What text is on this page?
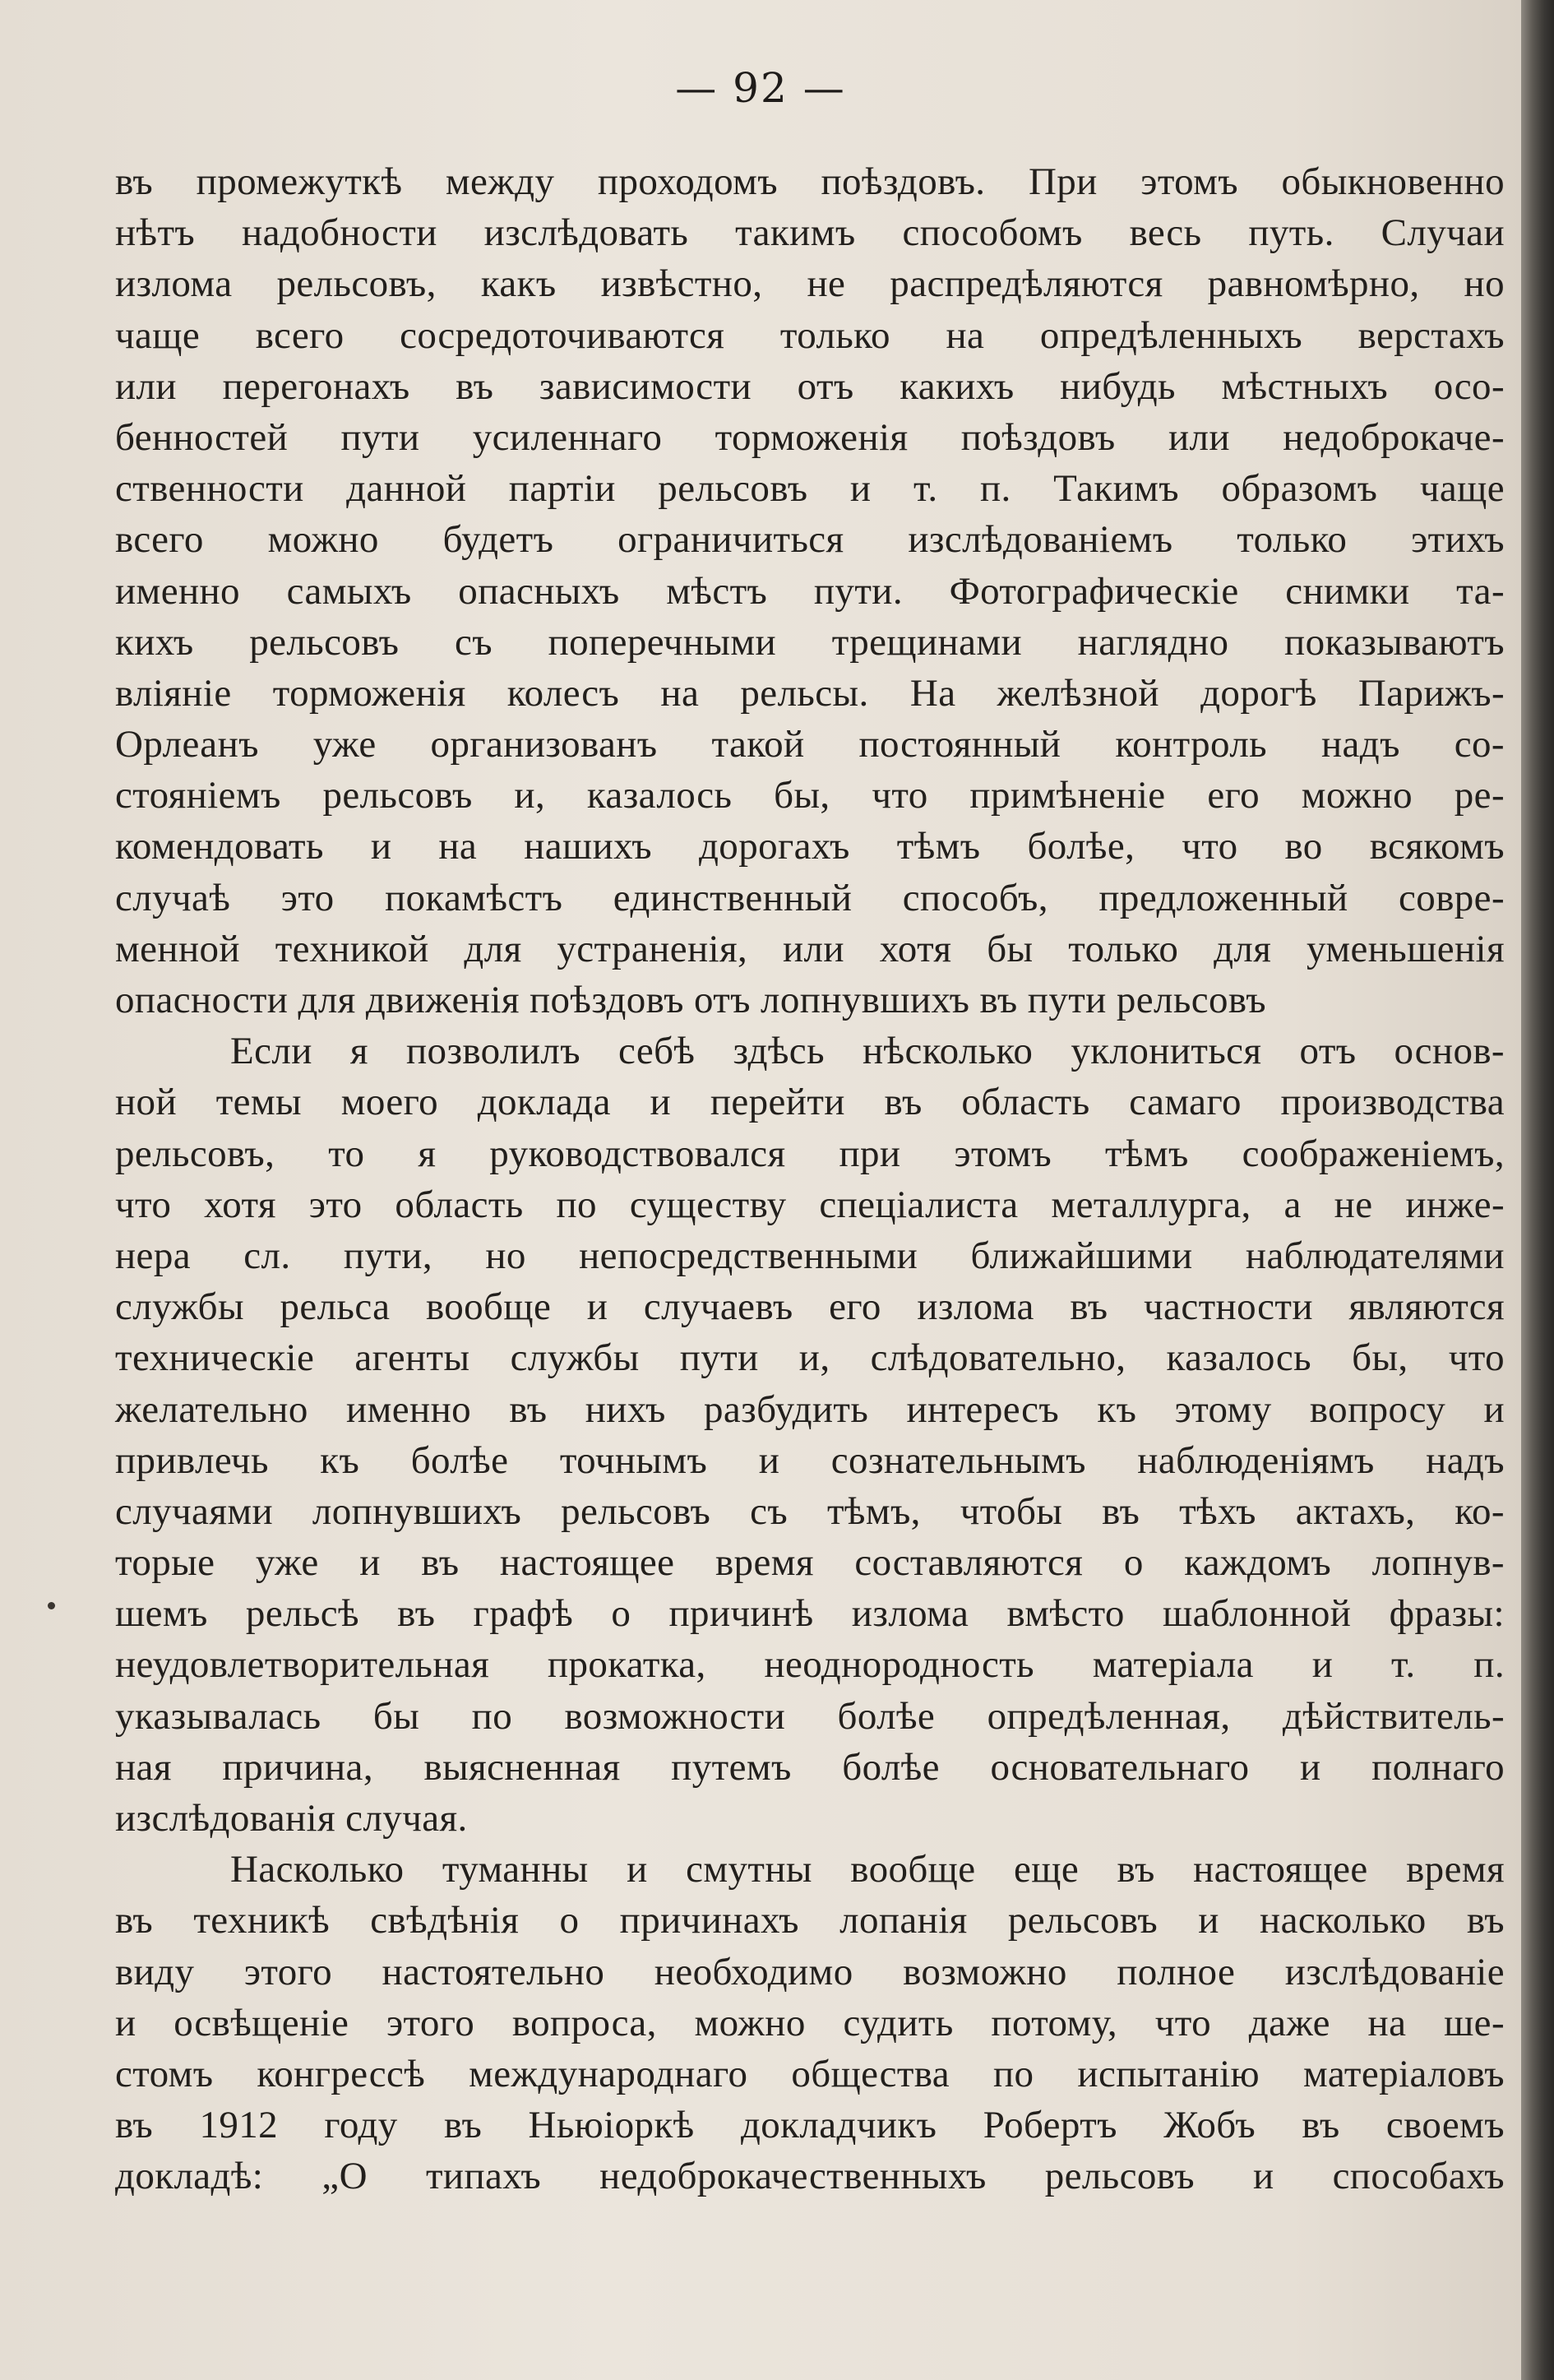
— 92 —
въ промежуткѣ между проходомъ поѣздовъ. При этомъ обыкновенно
нѣтъ надобности изслѣдовать такимъ способомъ весь путь. Случаи
излома рельсовъ, какъ извѣстно, не распредѣляются равномѣрно, но
чаще всего сосредоточиваются только на опредѣленныхъ верстахъ
или перегонахъ въ зависимости отъ какихъ нибудь мѣстныхъ осо-
бенностей пути усиленнаго торможенія поѣздовъ или недоброкаче-
ственности данной партіи рельсовъ и т. п. Такимъ образомъ чаще
всего можно будетъ ограничиться изслѣдованіемъ только этихъ
именно самыхъ опасныхъ мѣстъ пути. Фотографическіе снимки та-
кихъ рельсовъ съ поперечными трещинами наглядно показываютъ
вліяніе торможенія колесъ на рельсы. На желѣзной дорогѣ Парижъ-
Орлеанъ уже организованъ такой постоянный контроль надъ со-
стояніемъ рельсовъ и, казалось бы, что примѣненіе его можно ре-
комендовать и на нашихъ дорогахъ тѣмъ болѣе, что во всякомъ
случаѣ это покамѣстъ единственный способъ, предложенный совре-
менной техникой для устраненія, или хотя бы только для уменьшенія
опасности для движенія поѣздовъ отъ лопнувшихъ въ пути рельсовъ
Если я позволилъ себѣ здѣсь нѣсколько уклониться отъ основ-
ной темы моего доклада и перейти въ область самаго производства
рельсовъ, то я руководствовался при этомъ тѣмъ соображеніемъ,
что хотя это область по существу спеціалиста металлурга, а не инже-
нера сл. пути, но непосредственными ближайшими наблюдателями
службы рельса вообще и случаевъ его излома въ частности являются
техническіе агенты службы пути и, слѣдовательно, казалось бы, что
желательно именно въ нихъ разбудить интересъ къ этому вопросу и
привлечь къ болѣе точнымъ и сознательнымъ наблюденіямъ надъ
случаями лопнувшихъ рельсовъ съ тѣмъ, чтобы въ тѣхъ актахъ, ко-
торые уже и въ настоящее время составляются о каждомъ лопнув-
шемъ рельсѣ въ графѣ о причинѣ излома вмѣсто шаблонной фразы:
неудовлетворительная прокатка, неоднородность матеріала и т. п.
указывалась бы по возможности болѣе опредѣленная, дѣйствитель-
ная причина, выясненная путемъ болѣе основательнаго и полнаго
изслѣдованія случая.
Насколько туманны и смутны вообще еще въ настоящее время
въ техникѣ свѣдѣнія о причинахъ лопанія рельсовъ и насколько въ
виду этого настоятельно необходимо возможно полное изслѣдованіе
и освѣщеніе этого вопроса, можно судить потому, что даже на ше-
стомъ конгрессѣ международнаго общества по испытанію матеріаловъ
въ 1912 году въ Ньюіоркѣ докладчикъ Робертъ Жобъ въ своемъ
докладѣ: „О типахъ недоброкачественныхъ рельсовъ и способахъ
